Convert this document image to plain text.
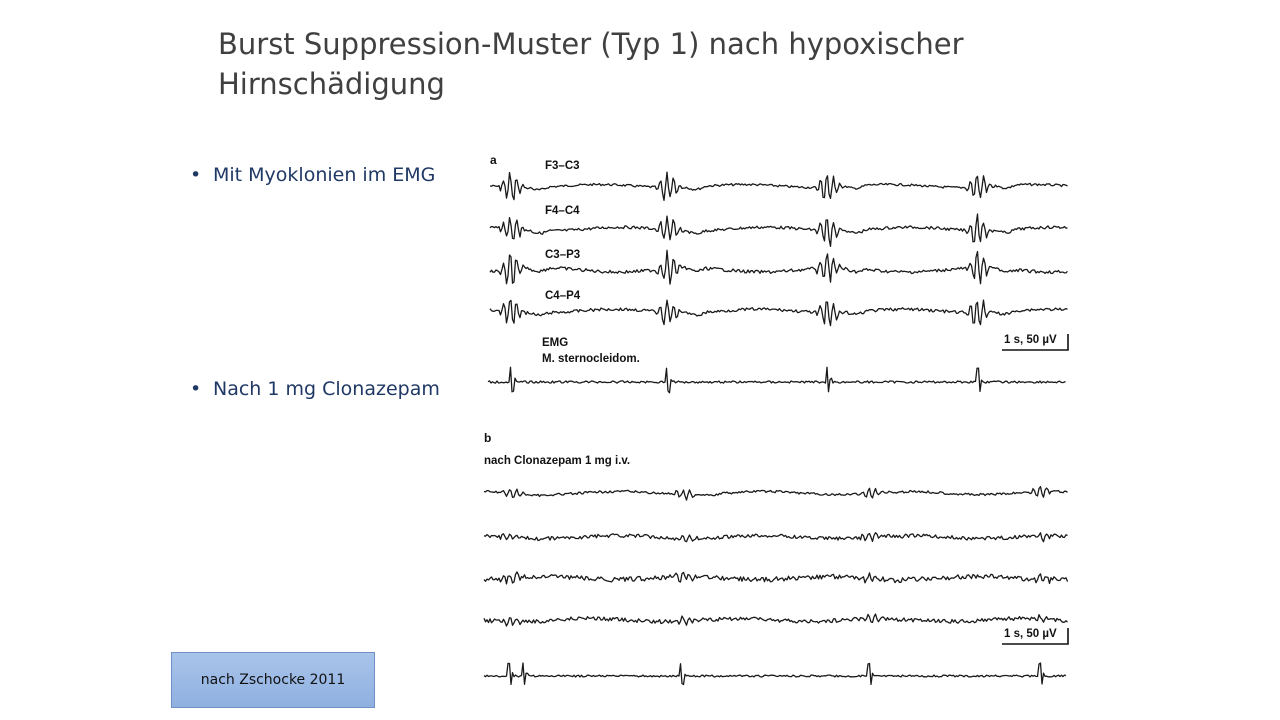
Burst Suppression-Muster (Typ 1) nach hypoxischer Hirnschädigung
• Mit Myoklonien im EMG
• Nach 1 mg Clonazepam
nach Zschocke 2011
a	F3–C3
F4–C4
C3–P3
C4–P4
EMG
M. sternocleidom.
1 s, 50 µV
b
nach Clonazepam 1 mg i.v.
1 s, 50 µV
